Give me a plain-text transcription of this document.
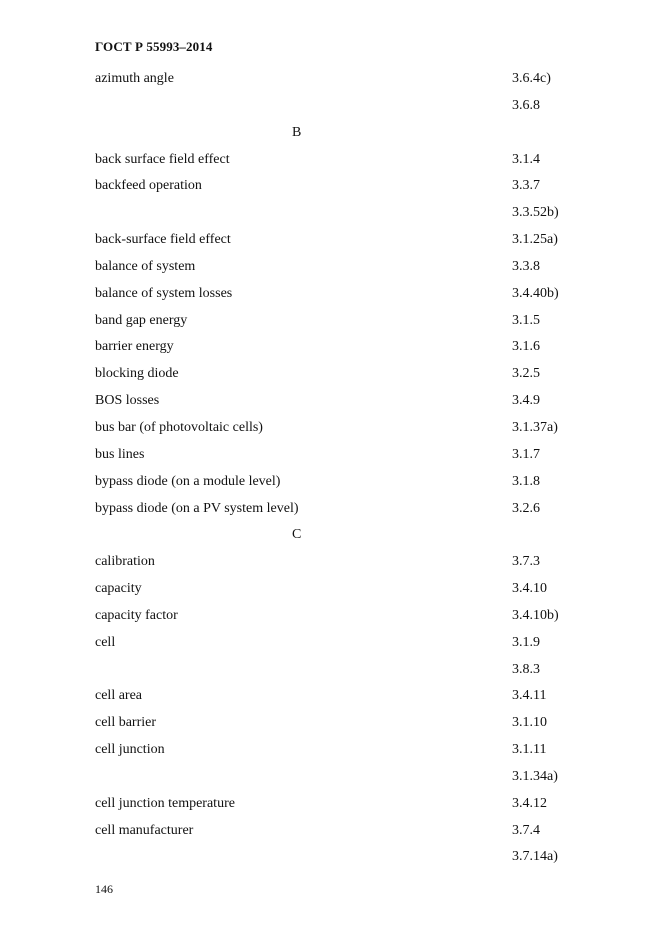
ГОСТ Р 55993–2014
azimuth angle	3.6.4c)
3.6.8
B
back surface field effect	3.1.4
backfeed operation	3.3.7
3.3.52b)
back-surface field effect	3.1.25a)
balance of system	3.3.8
balance of system losses	3.4.40b)
band gap energy	3.1.5
barrier energy	3.1.6
blocking diode	3.2.5
BOS losses	3.4.9
bus bar (of photovoltaic cells)	3.1.37a)
bus lines	3.1.7
bypass diode (on a module level)	3.1.8
bypass diode (on a PV system level)	3.2.6
C
calibration	3.7.3
capacity	3.4.10
capacity factor	3.4.10b)
cell	3.1.9
3.8.3
cell area	3.4.11
cell barrier	3.1.10
cell junction	3.1.11
3.1.34a)
cell junction temperature	3.4.12
cell manufacturer	3.7.4
3.7.14a)
146
